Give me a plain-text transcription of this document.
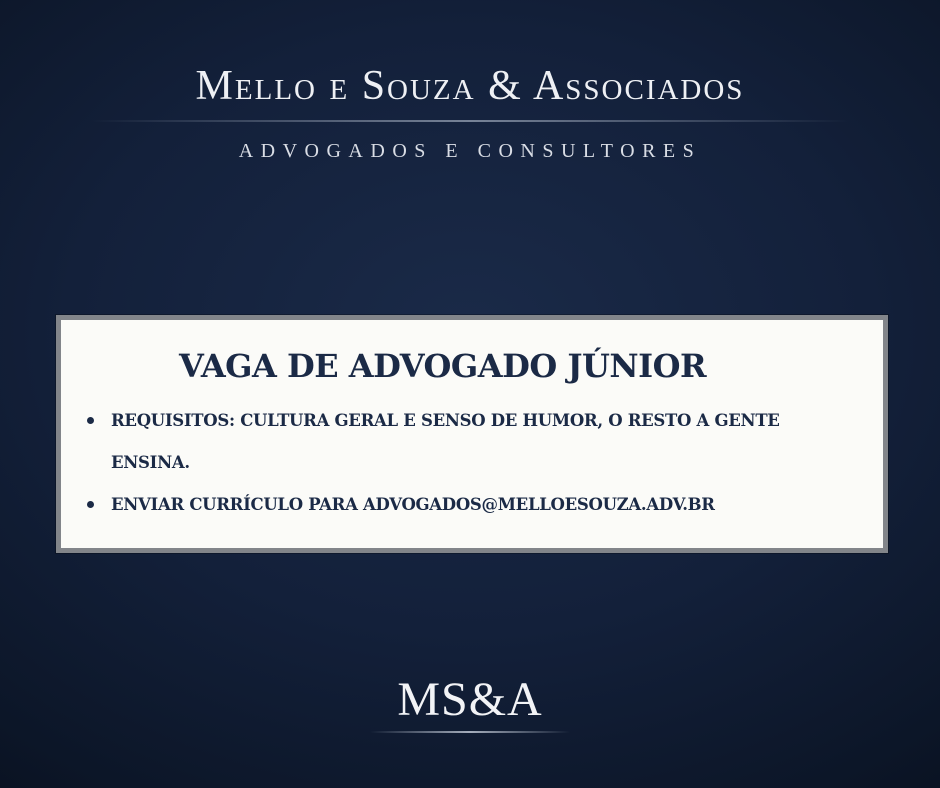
Mello e Souza & Associados

ADVOGADOS E CONSULTORES

VAGA DE ADVOGADO JÚNIOR
REQUISITOS: CULTURA GERAL E SENSO DE HUMOR, O RESTO A GENTE ENSINA.
ENVIAR CURRÍCULO PARA ADVOGADOS@MELLOESOUZA.ADV.BR

MS&A
